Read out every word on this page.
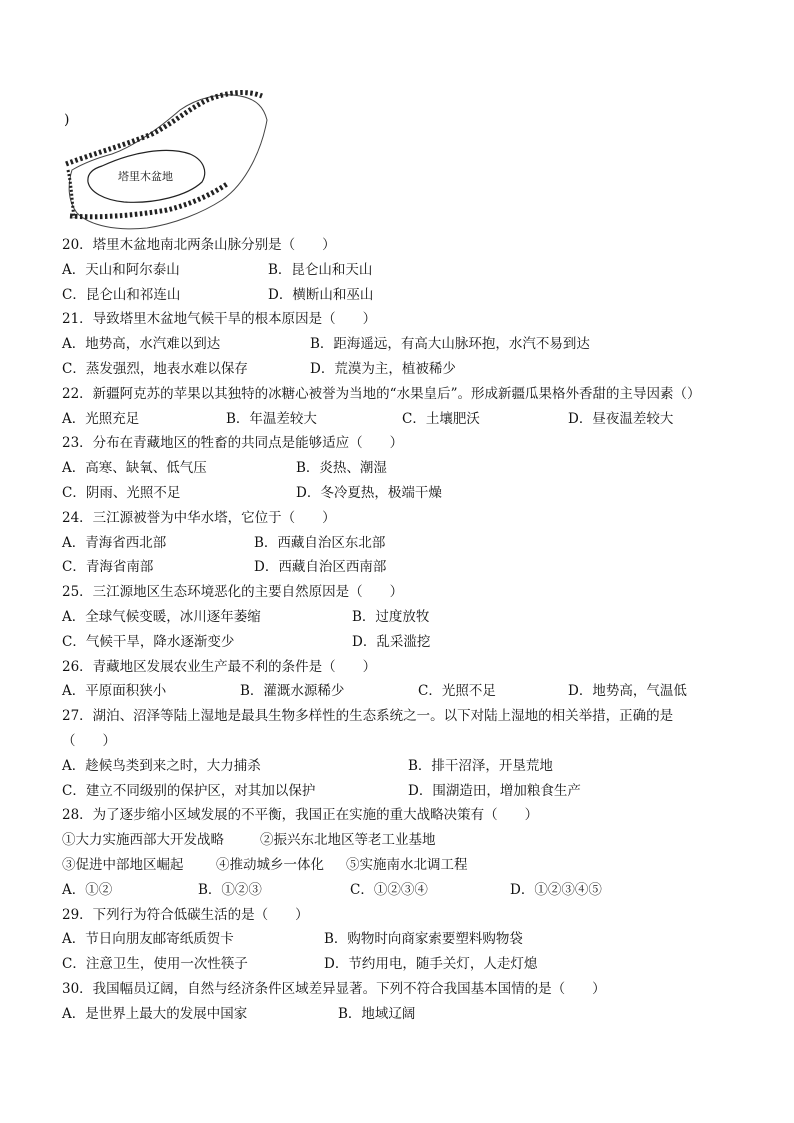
)
塔里木盆地
20．塔里木盆地南北两条山脉分别是（　　）
A．天山和阿尔泰山	B．昆仑山和天山
C．昆仑山和祁连山	D．横断山和巫山
21．导致塔里木盆地气候干旱的根本原因是（　　）
A．地势高，水汽难以到达	B．距海遥远，有高大山脉环抱，水汽不易到达
C．蒸发强烈，地表水难以保存	D．荒漠为主，植被稀少
22．新疆阿克苏的苹果以其独特的冰糖心被誉为当地的“水果皇后”。形成新疆瓜果格外香甜的主导因素（）
A．光照充足	B．年温差较大	C．土壤肥沃	D．昼夜温差较大
23．分布在青藏地区的牲畜的共同点是能够适应（　　）
A．高寒、缺氧、低气压	B．炎热、潮湿
C．阴雨、光照不足	D．冬冷夏热，极端干燥
24．三江源被誉为中华水塔，它位于（　　）
A．青海省西北部	B．西藏自治区东北部
C．青海省南部	D．西藏自治区西南部
25．三江源地区生态环境恶化的主要自然原因是（　　）
A．全球气候变暖，冰川逐年萎缩	B．过度放牧
C．气候干旱，降水逐渐变少	D．乱采滥挖
26．青藏地区发展农业生产最不利的条件是（　　）
A．平原面积狭小	B．灌溉水源稀少	C．光照不足	D．地势高，气温低
27．湖泊、沼泽等陆上湿地是最具生物多样性的生态系统之一。以下对陆上湿地的相关举措，正确的是
（　　）
A．趁候鸟类到来之时，大力捕杀	B．排干沼泽，开垦荒地
C．建立不同级别的保护区，对其加以保护	D．围湖造田，增加粮食生产
28．为了逐步缩小区域发展的不平衡，我国正在实施的重大战略决策有（　　）
①大力实施西部大开发战略	②振兴东北地区等老工业基地
③促进中部地区崛起 ④推动城乡一体化 ⑤实施南水北调工程
A．①②	B．①②③	C．①②③④	D．①②③④⑤
29．下列行为符合低碳生活的是（　　）
A．节日向朋友邮寄纸质贺卡	B．购物时向商家索要塑料购物袋
C．注意卫生，使用一次性筷子	D．节约用电，随手关灯，人走灯熄
30．我国幅员辽阔，自然与经济条件区域差异显著。下列不符合我国基本国情的是（　　）
A．是世界上最大的发展中国家	B．地域辽阔
